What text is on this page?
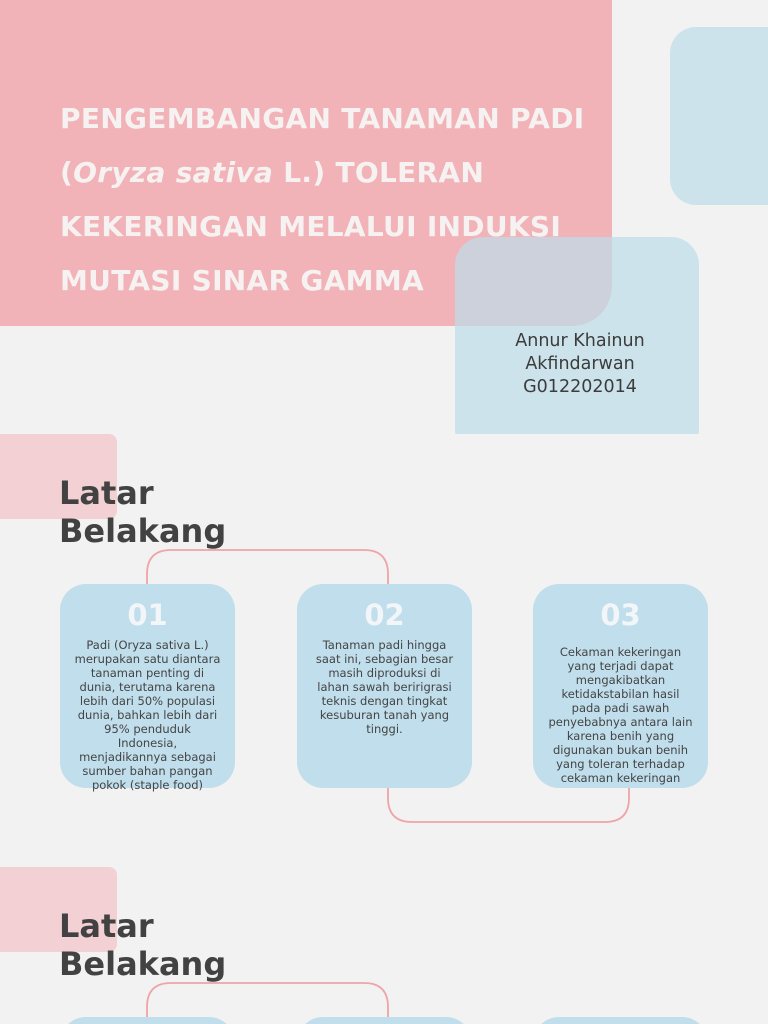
PENGEMBANGAN TANAMAN PADI
(Oryza sativa L.) TOLERAN
KEKERINGAN MELALUI INDUKSI
MUTASI SINAR GAMMA
Annur Khainun
Akfindarwan
G012202014
Latar Belakang
01
Padi (Oryza sativa L.) merupakan satu diantara tanaman penting di dunia, terutama karena lebih dari 50% populasi dunia, bahkan lebih dari 95% penduduk Indonesia, menjadikannya sebagai sumber bahan pangan pokok (staple food)
02
Tanaman padi hingga saat ini, sebagian besar masih diproduksi di lahan sawah beririgrasi teknis dengan tingkat kesuburan tanah yang tinggi.
03
Cekaman kekeringan yang terjadi dapat mengakibatkan ketidakstabilan hasil pada padi sawah penyebabnya antara lain karena benih yang digunakan bukan benih yang toleran terhadap cekaman kekeringan
Latar Belakang
